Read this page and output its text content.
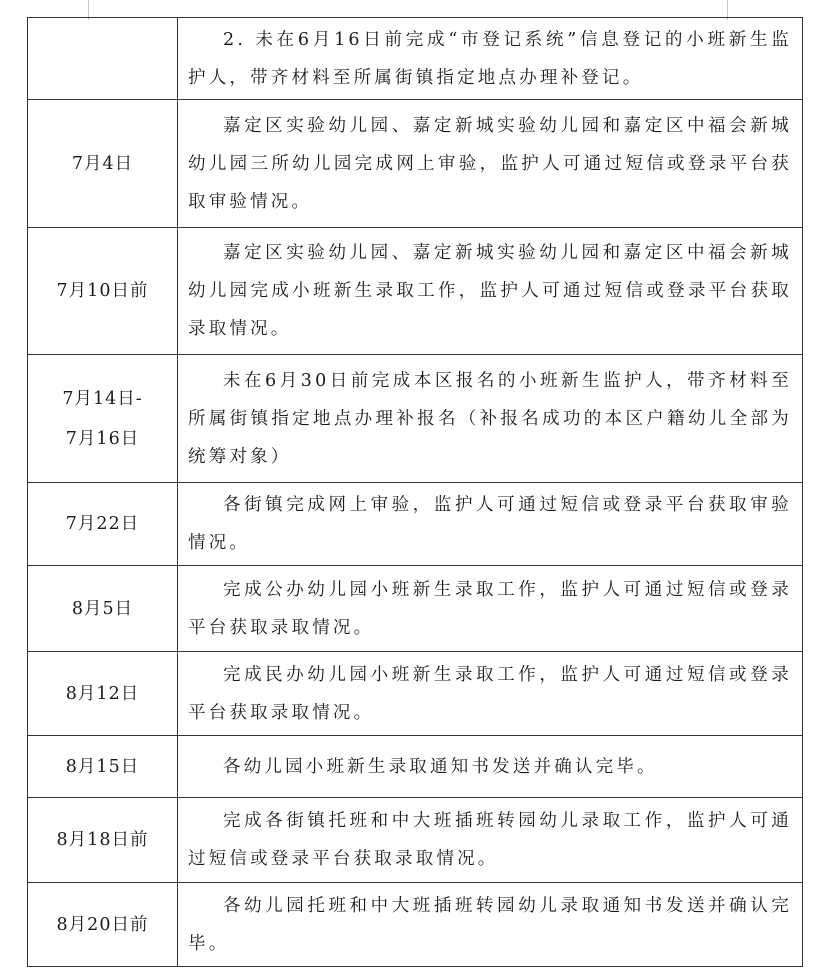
	2. 未在6月16日前完成“市登记系统”信息登记的小班新生监护人，带齐材料至所属街镇指定地点办理补登记。

7月4日	嘉定区实验幼儿园、嘉定新城实验幼儿园和嘉定区中福会新城幼儿园三所幼儿园完成网上审验，监护人可通过短信或登录平台获取审验情况。

7月10日前	嘉定区实验幼儿园、嘉定新城实验幼儿园和嘉定区中福会新城幼儿园完成小班新生录取工作，监护人可通过短信或登录平台获取录取情况。

7月14日-
7月16日	未在6月30日前完成本区报名的小班新生监护人，带齐材料至所属街镇指定地点办理补报名（补报名成功的本区户籍幼儿全部为统筹对象）

7月22日	各街镇完成网上审验，监护人可通过短信或登录平台获取审验情况。

8月5日	完成公办幼儿园小班新生录取工作，监护人可通过短信或登录平台获取录取情况。

8月12日	完成民办幼儿园小班新生录取工作，监护人可通过短信或登录平台获取录取情况。

8月15日	各幼儿园小班新生录取通知书发送并确认完毕。

8月18日前	完成各街镇托班和中大班插班转园幼儿录取工作，监护人可通过短信或登录平台获取录取情况。

8月20日前	各幼儿园托班和中大班插班转园幼儿录取通知书发送并确认完毕。
